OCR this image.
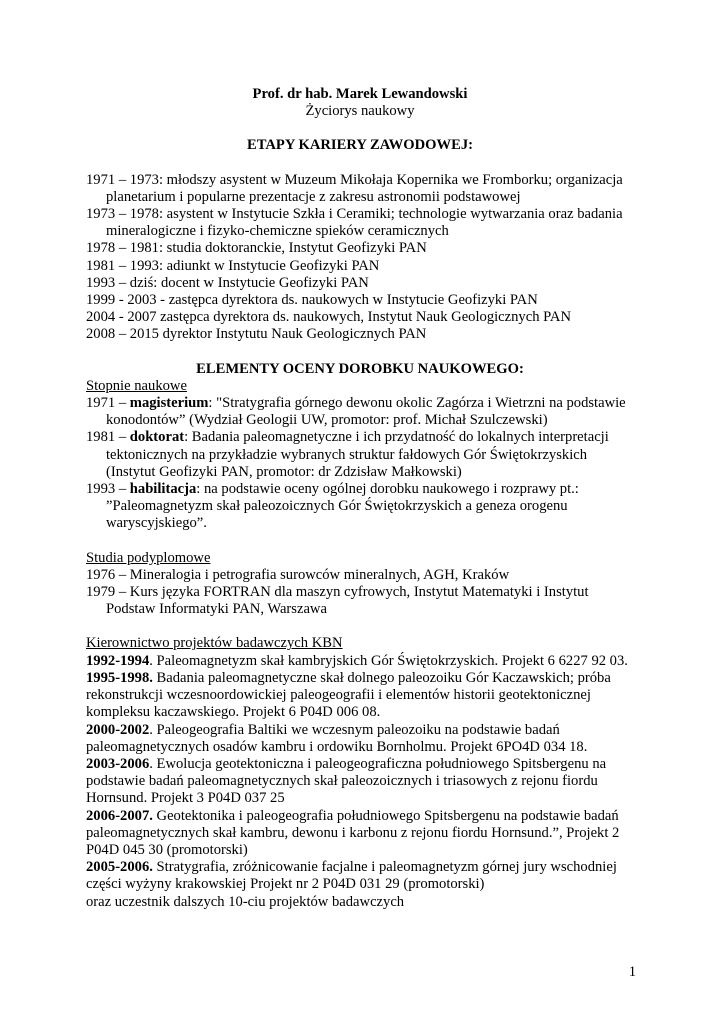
Prof. dr hab. Marek Lewandowski
Życiorys naukowy
ETAPY KARIERY ZAWODOWEJ:
1971 – 1973: młodszy asystent w Muzeum Mikołaja Kopernika we Fromborku; organizacja planetarium i popularne prezentacje z zakresu astronomii podstawowej
1973 – 1978: asystent w Instytucie Szkła i Ceramiki; technologie wytwarzania oraz badania mineralogiczne i fizyko-chemiczne spieków ceramicznych
1978 – 1981: studia doktoranckie, Instytut Geofizyki PAN
1981 – 1993: adiunkt w Instytucie Geofizyki PAN
1993 – dziś: docent w Instytucie Geofizyki PAN
1999 - 2003 - zastępca dyrektora ds. naukowych w Instytucie Geofizyki PAN
2004 - 2007 zastępca dyrektora ds. naukowych, Instytut Nauk Geologicznych PAN
2008 – 2015 dyrektor Instytutu Nauk Geologicznych PAN
ELEMENTY OCENY DOROBKU NAUKOWEGO:
Stopnie naukowe
1971 – magisterium: "Stratygrafia górnego dewonu okolic Zagórza i Wietrzni na podstawie konodontów” (Wydział Geologii UW, promotor: prof. Michał Szulczewski)
1981 – doktorat: Badania paleomagnetyczne i ich przydatność do lokalnych interpretacji tektonicznych na przykładzie wybranych struktur fałdowych Gór Świętokrzyskich (Instytut Geofizyki PAN, promotor: dr Zdzisław Małkowski)
1993 – habilitacja: na podstawie oceny ogólnej dorobku naukowego i rozprawy pt.: ”Paleomagnetyzm skał paleozoicznych Gór Świętokrzyskich a geneza orogenu waryscyjskiego”.
Studia podyplomowe
1976 – Mineralogia i petrografia surowców mineralnych, AGH, Kraków
1979 – Kurs języka FORTRAN dla maszyn cyfrowych, Instytut Matematyki i Instytut Podstaw Informatyki PAN, Warszawa
Kierownictwo projektów badawczych KBN
1992-1994. Paleomagnetyzm skał kambryjskich Gór Świętokrzyskich. Projekt 6 6227 92 03.
1995-1998. Badania paleomagnetyczne skał dolnego paleozoiku Gór Kaczawskich; próba rekonstrukcji wczesnoordowickiej paleogeografii i elementów historii geotektonicznej kompleksu kaczawskiego. Projekt 6 P04D 006 08.
2000-2002. Paleogeografia Baltiki we wczesnym paleozoiku na podstawie badań paleomagnetycznych osadów kambru i ordowiku Bornholmu. Projekt 6PO4D 034 18.
2003-2006. Ewolucja geotektoniczna i paleogeograficzna południowego Spitsbergenu na podstawie badań paleomagnetycznych skał paleozoicznych i triasowych z rejonu fiordu Hornsund. Projekt 3 P04D 037 25
2006-2007. Geotektonika i paleogeografia południowego Spitsbergenu na podstawie badań paleomagnetycznych skał kambru, dewonu i karbonu z rejonu fiordu Hornsund.”, Projekt 2 P04D 045 30 (promotorski)
2005-2006. Stratygrafia, zróżnicowanie facjalne i paleomagnetyzm górnej jury wschodniej części wyżyny krakowskiej Projekt nr 2 P04D 031 29 (promotorski)
oraz uczestnik dalszych 10-ciu projektów badawczych
1
